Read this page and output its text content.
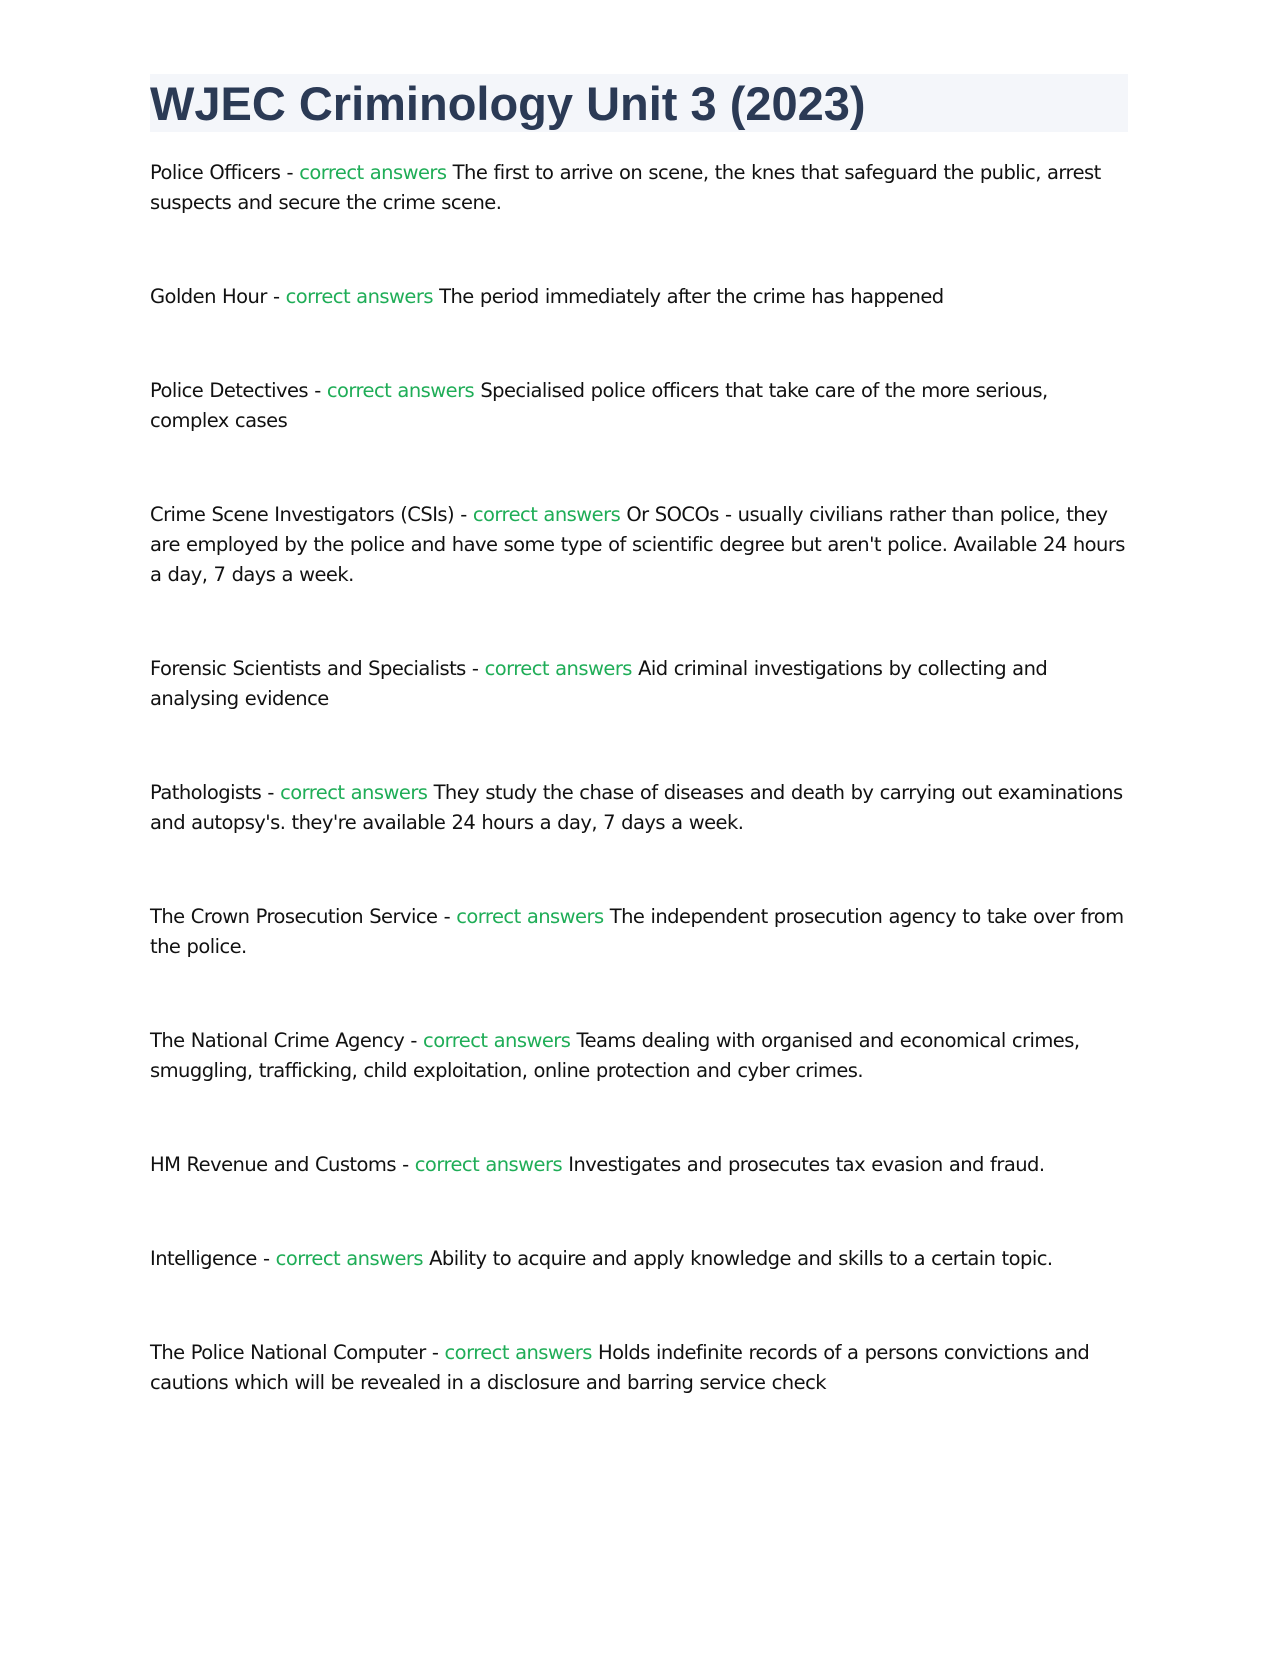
WJEC Criminology Unit 3 (2023)

Police Officers - correct answers The first to arrive on scene, the knes that safeguard the public, arrest suspects and secure the crime scene.

Golden Hour - correct answers The period immediately after the crime has happened

Police Detectives - correct answers Specialised police officers that take care of the more serious, complex cases

Crime Scene Investigators (CSIs) - correct answers Or SOCOs - usually civilians rather than police, they are employed by the police and have some type of scientific degree but aren't police. Available 24 hours a day, 7 days a week.

Forensic Scientists and Specialists - correct answers Aid criminal investigations by collecting and analysing evidence

Pathologists - correct answers They study the chase of diseases and death by carrying out examinations and autopsy's. they're available 24 hours a day, 7 days a week.

The Crown Prosecution Service - correct answers The independent prosecution agency to take over from the police.

The National Crime Agency - correct answers Teams dealing with organised and economical crimes, smuggling, trafficking, child exploitation, online protection and cyber crimes.

HM Revenue and Customs - correct answers Investigates and prosecutes tax evasion and fraud.

Intelligence - correct answers Ability to acquire and apply knowledge and skills to a certain topic.

The Police National Computer - correct answers Holds indefinite records of a persons convictions and cautions which will be revealed in a disclosure and barring service check
